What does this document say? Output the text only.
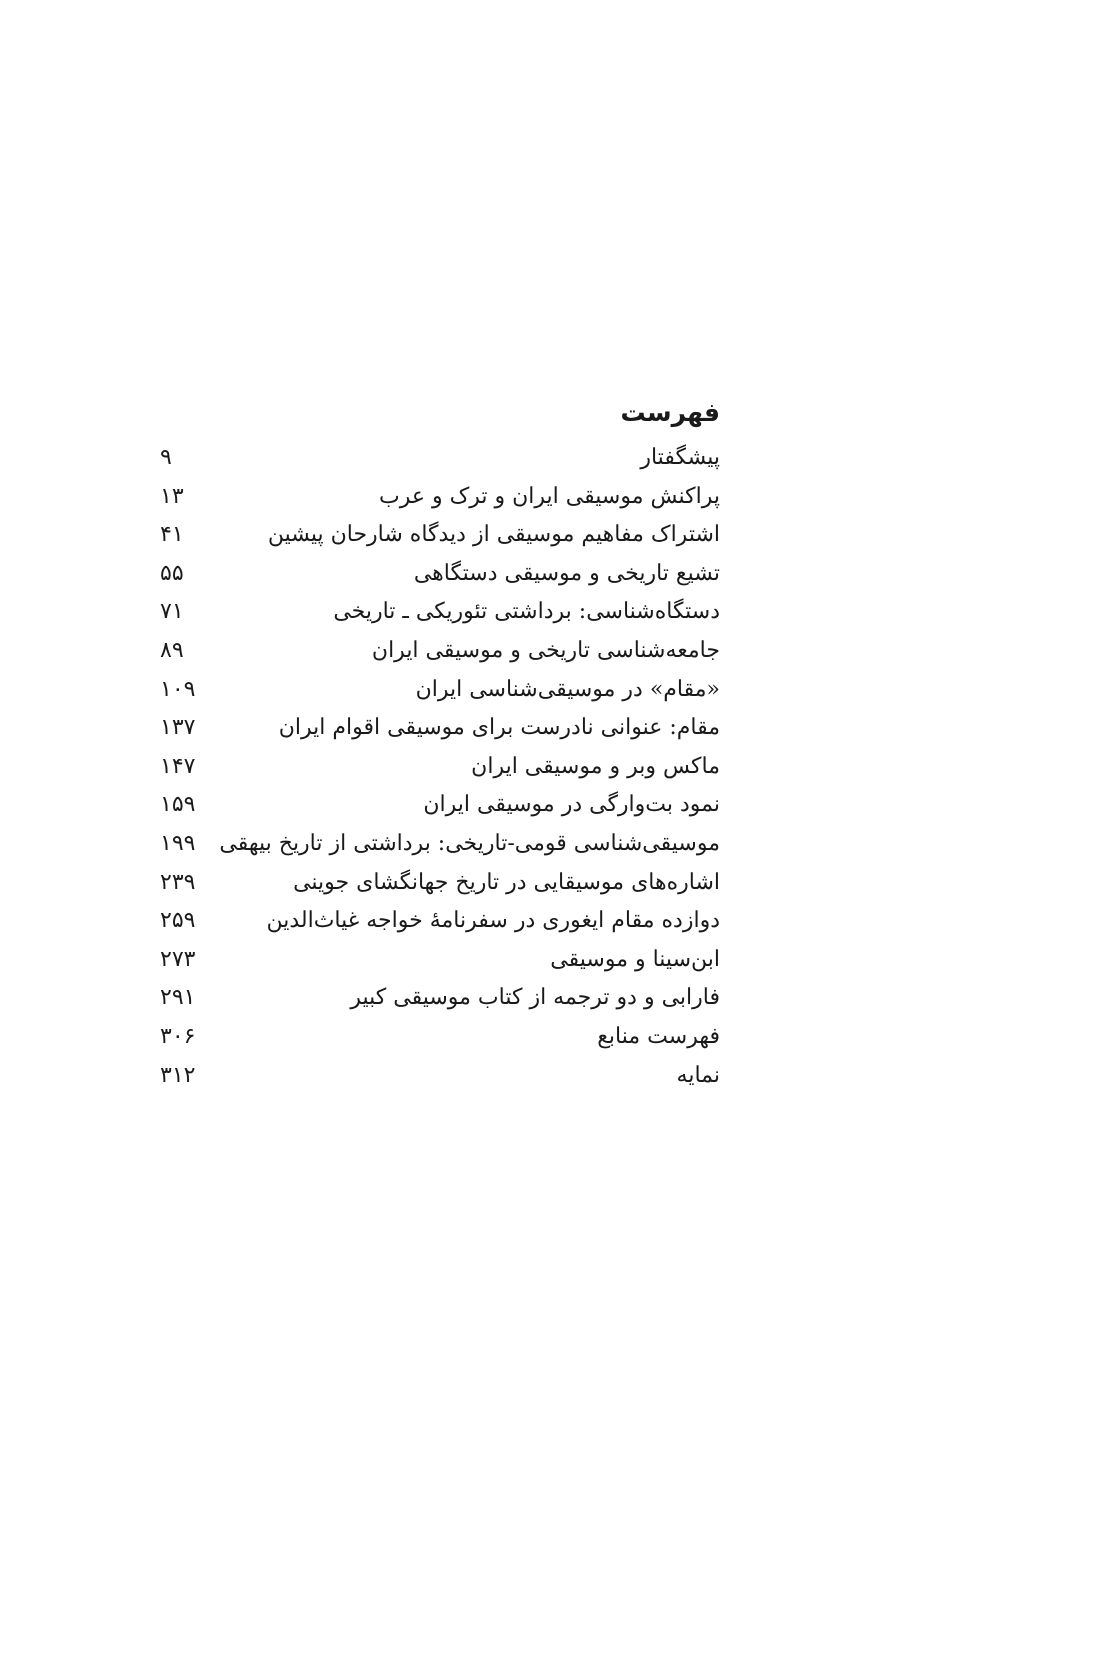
فهرست
پیشگفتار
۹
پراکنش موسیقی ایران و ترک و عرب
۱۳
اشتراک مفاهیم موسیقی از دیدگاه شارحان پیشین
۴۱
تشیع تاریخی و موسیقی دستگاهی
۵۵
دستگاه‌شناسی: برداشتی تئوریکی ـ تاریخی
۷۱
جامعه‌شناسی تاریخی و موسیقی ایران
۸۹
«مقام» در موسیقی‌شناسی ایران
۱۰۹
مقام: عنوانی نادرست برای موسیقی اقوام ایران
۱۳۷
ماکس وبر و موسیقی ایران
۱۴۷
نمود بت‌وارگی در موسیقی ایران
۱۵۹
موسیقی‌شناسی قومی-تاریخی: برداشتی از تاریخ بیهقی
۱۹۹
اشاره‌های موسیقایی در تاریخ جهانگشای جوینی
۲۳۹
دوازده مقام ایغوری در سفرنامهٔ خواجه غیاث‌الدین
۲۵۹
ابن‌سینا و موسیقی
۲۷۳
فارابی و دو ترجمه از کتاب موسیقی کبیر
۲۹۱
فهرست منابع
۳۰۶
نمایه
۳۱۲
